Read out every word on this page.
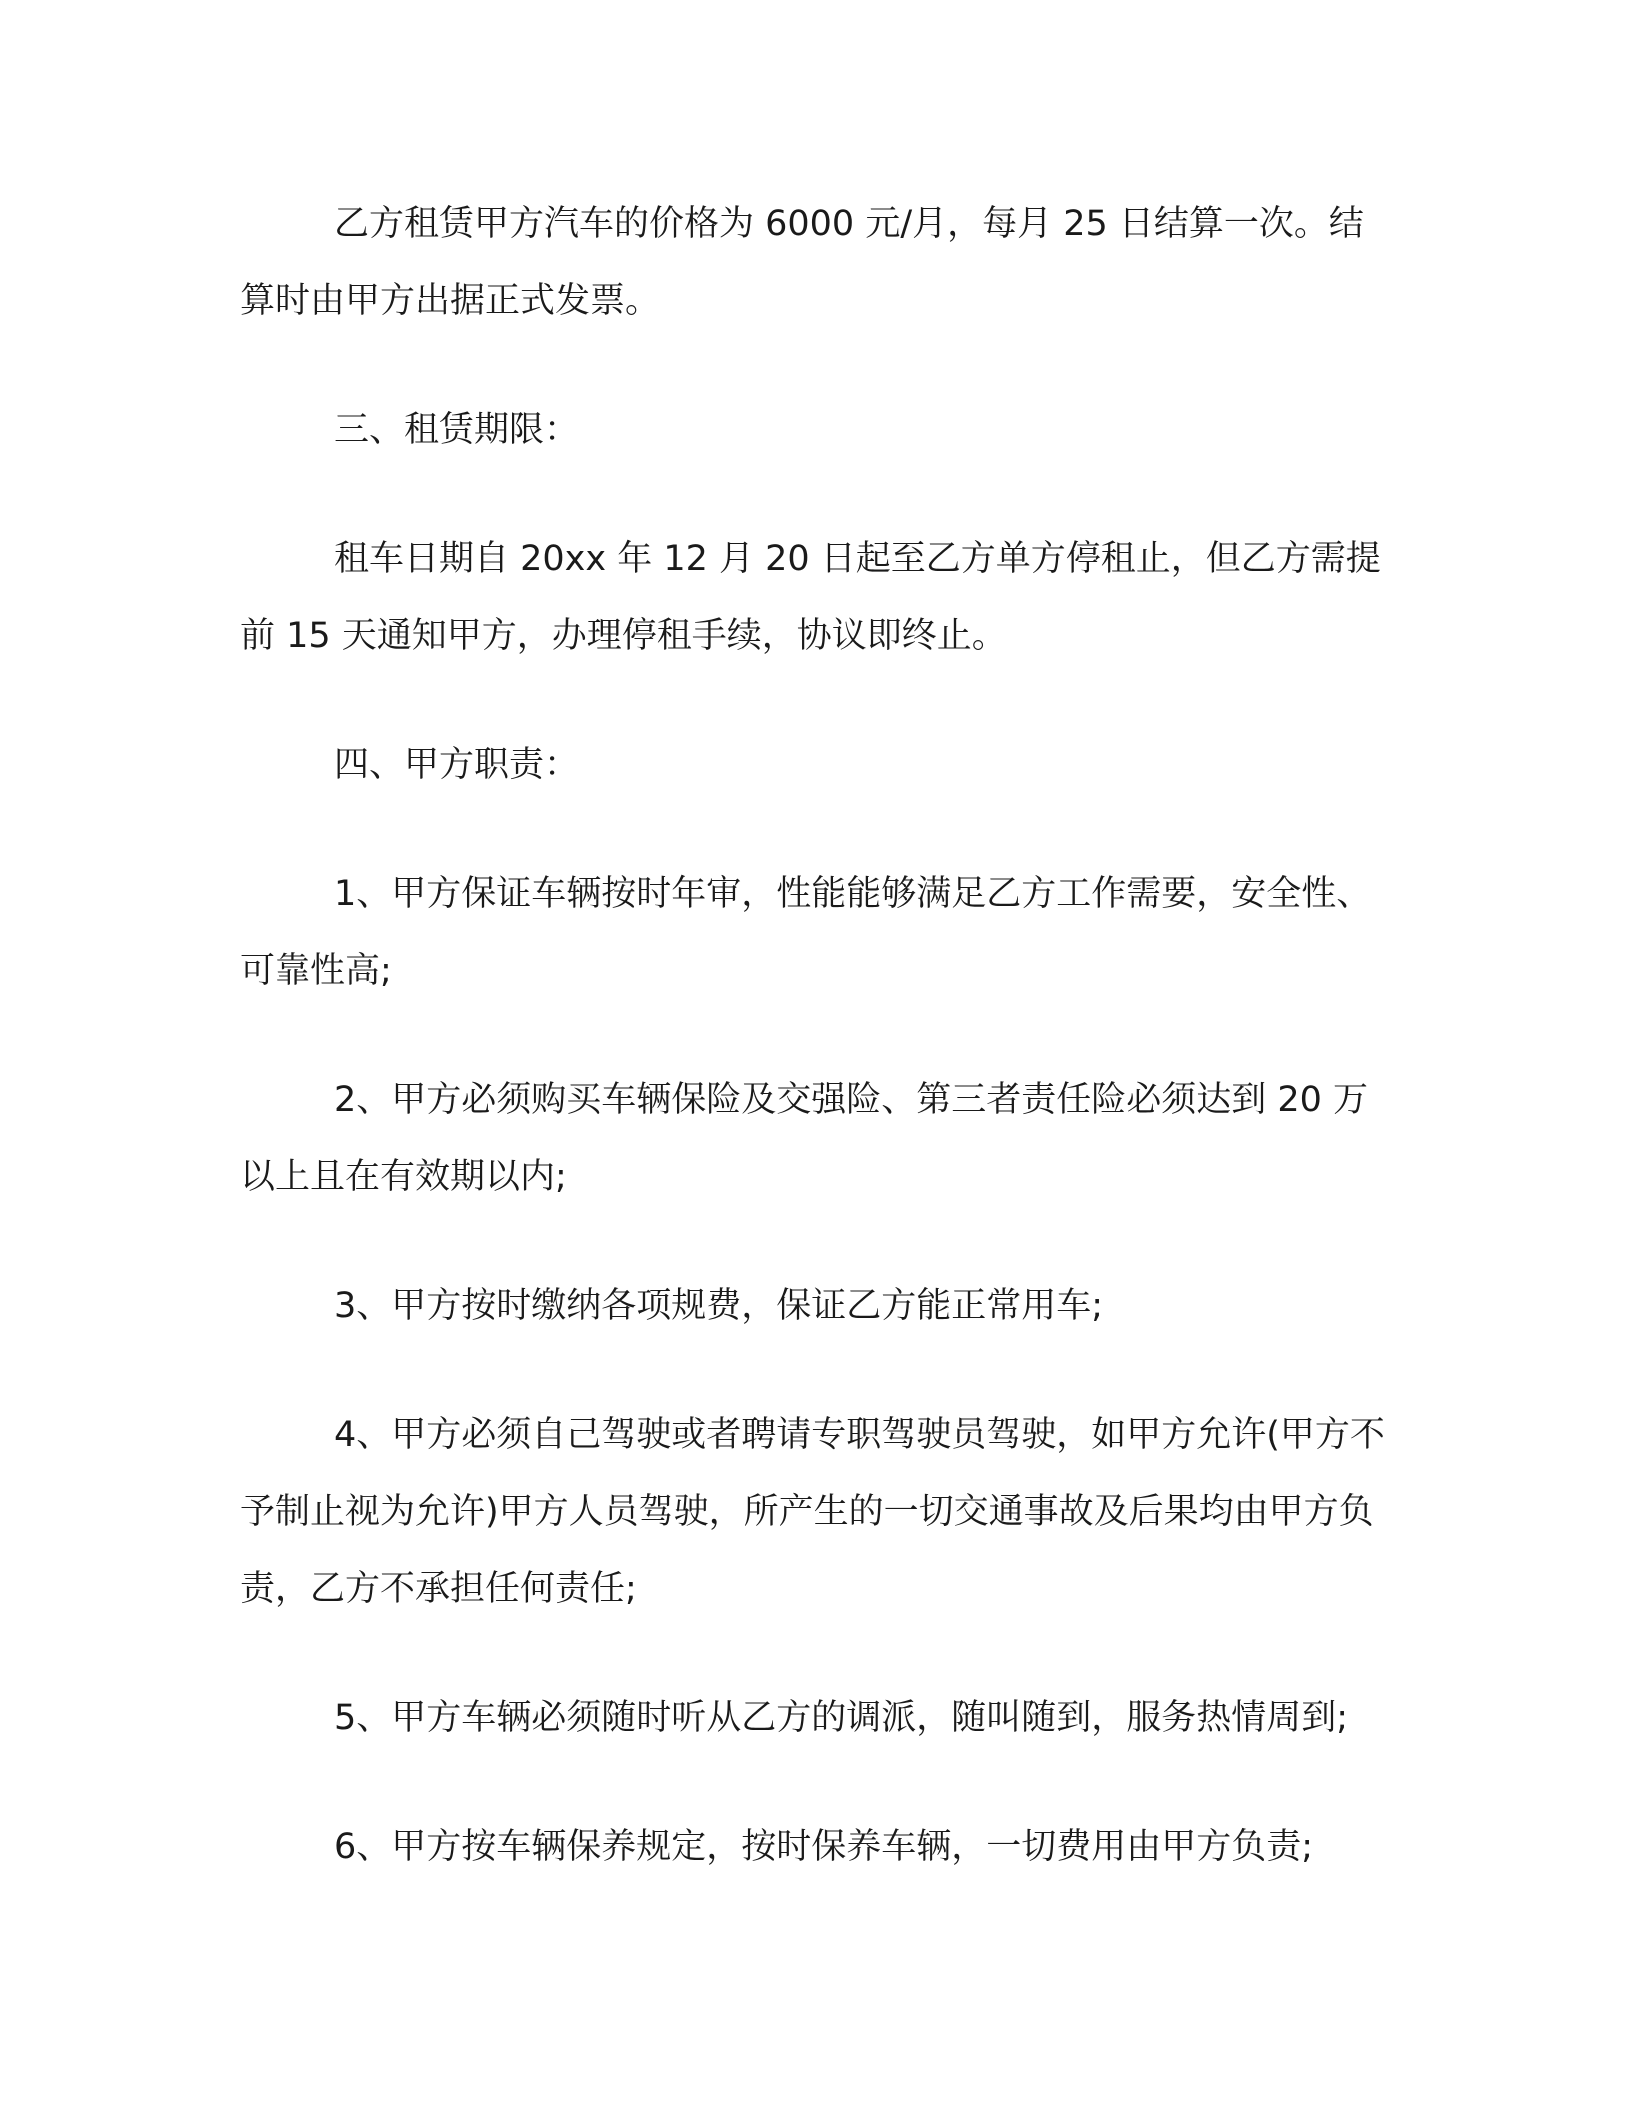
乙方租赁甲方汽车的价格为 6000 元/月，每月 25 日结算一次。结算时由甲方出据正式发票。

三、租赁期限：

租车日期自 20xx 年 12 月 20 日起至乙方单方停租止，但乙方需提前 15 天通知甲方，办理停租手续，协议即终止。

四、甲方职责：

1、甲方保证车辆按时年审，性能能够满足乙方工作需要，安全性、可靠性高;

2、甲方必须购买车辆保险及交强险、第三者责任险必须达到 20 万以上且在有效期以内;

3、甲方按时缴纳各项规费，保证乙方能正常用车;

4、甲方必须自己驾驶或者聘请专职驾驶员驾驶，如甲方允许(甲方不予制止视为允许)甲方人员驾驶，所产生的一切交通事故及后果均由甲方负责，乙方不承担任何责任;

5、甲方车辆必须随时听从乙方的调派，随叫随到，服务热情周到;

6、甲方按车辆保养规定，按时保养车辆，一切费用由甲方负责;
